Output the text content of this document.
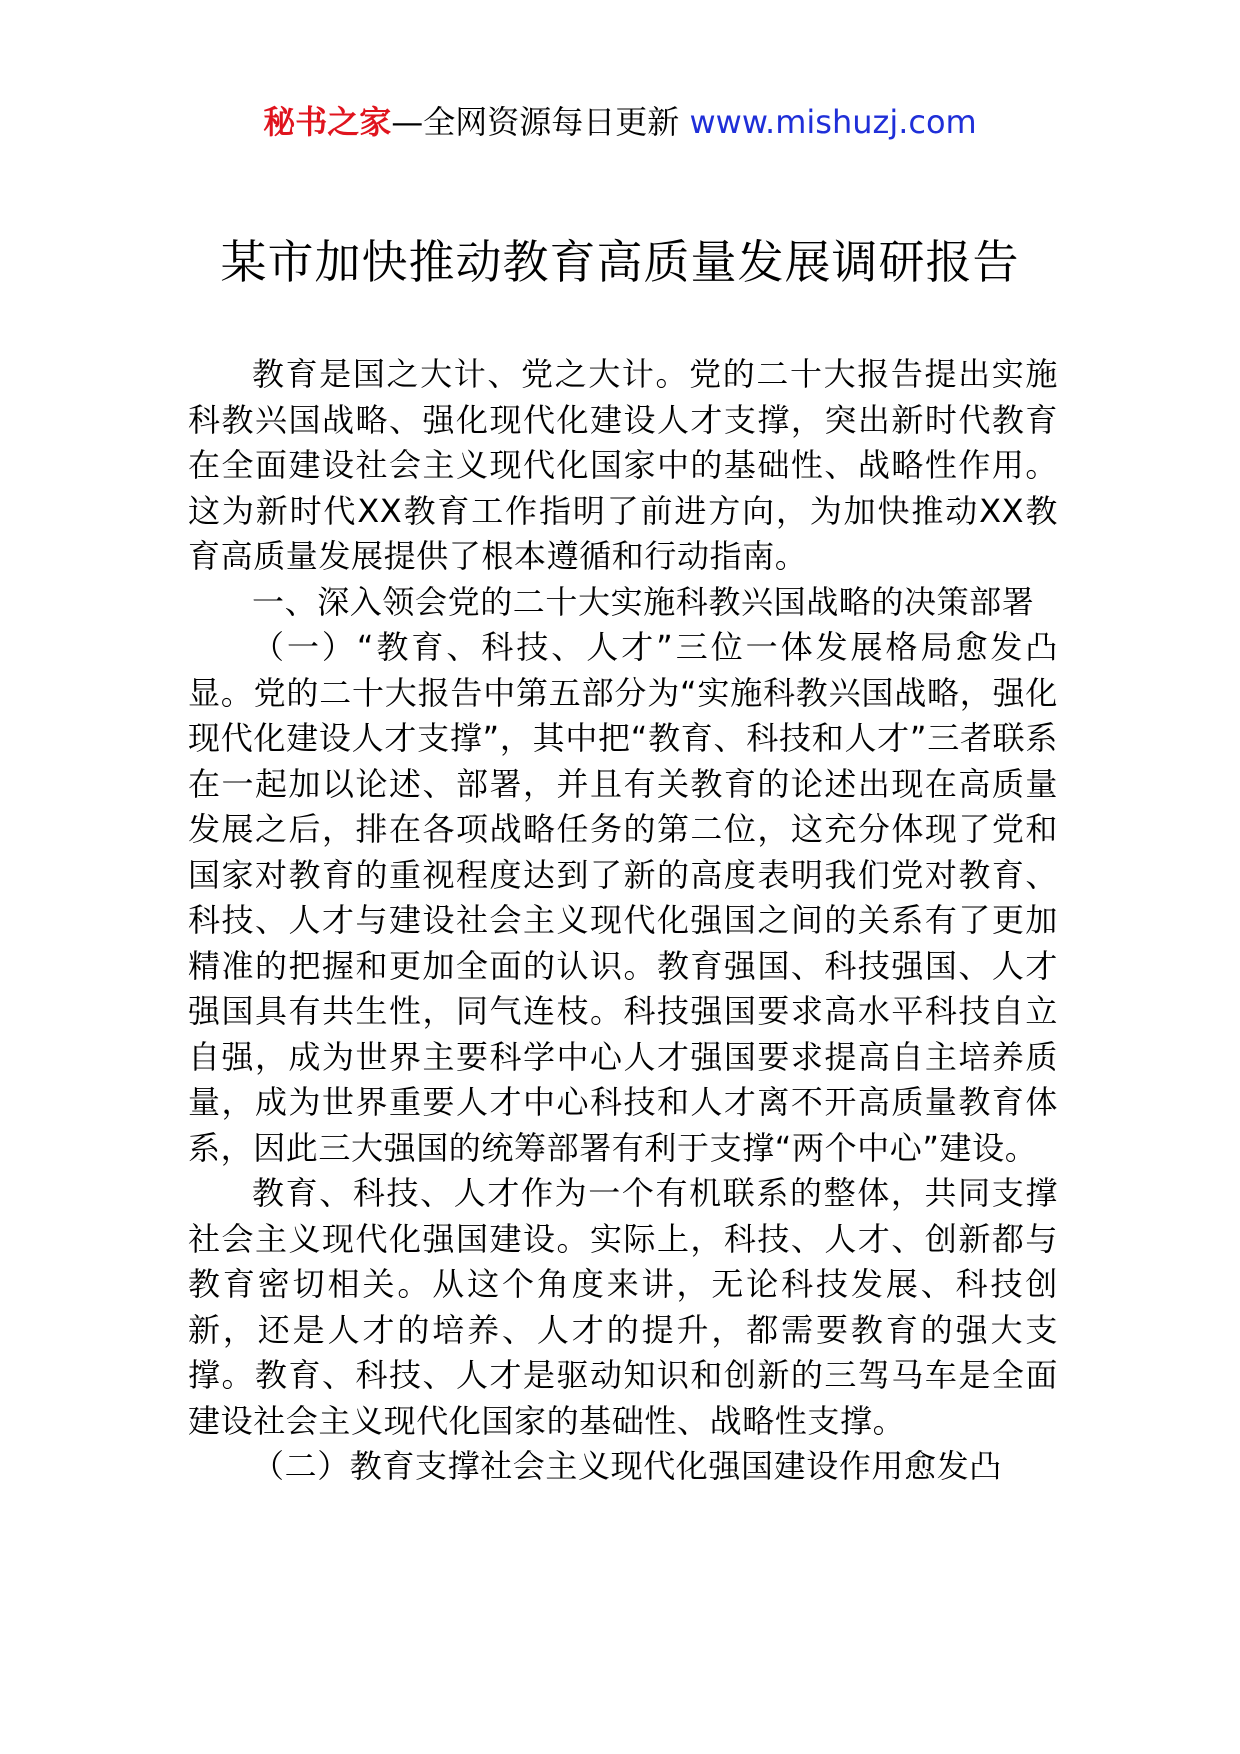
秘书之家—全网资源每日更新 www.mishuzj.com
某市加快推动教育高质量发展调研报告

教育是国之大计、党之大计。党的二十大报告提出实施科教兴国战略、强化现代化建设人才支撑，突出新时代教育在全面建设社会主义现代化国家中的基础性、战略性作用。这为新时代XX教育工作指明了前进方向，为加快推动XX教育高质量发展提供了根本遵循和行动指南。

一、深入领会党的二十大实施科教兴国战略的决策部署

（一）“教育、科技、人才”三位一体发展格局愈发凸显。党的二十大报告中第五部分为“实施科教兴国战略，强化现代化建设人才支撑”，其中把“教育、科技和人才”三者联系在一起加以论述、部署，并且有关教育的论述出现在高质量发展之后，排在各项战略任务的第二位，这充分体现了党和国家对教育的重视程度达到了新的高度表明我们党对教育、科技、人才与建设社会主义现代化强国之间的关系有了更加精准的把握和更加全面的认识。教育强国、科技强国、人才强国具有共生性，同气连枝。科技强国要求高水平科技自立自强，成为世界主要科学中心人才强国要求提高自主培养质量，成为世界重要人才中心科技和人才离不开高质量教育体系，因此三大强国的统筹部署有利于支撑“两个中心”建设。

教育、科技、人才作为一个有机联系的整体，共同支撑社会主义现代化强国建设。实际上，科技、人才、创新都与教育密切相关。从这个角度来讲，无论科技发展、科技创新，还是人才的培养、人才的提升，都需要教育的强大支撑。教育、科技、人才是驱动知识和创新的三驾马车是全面建设社会主义现代化国家的基础性、战略性支撑。

（二）教育支撑社会主义现代化强国建设作用愈发凸
